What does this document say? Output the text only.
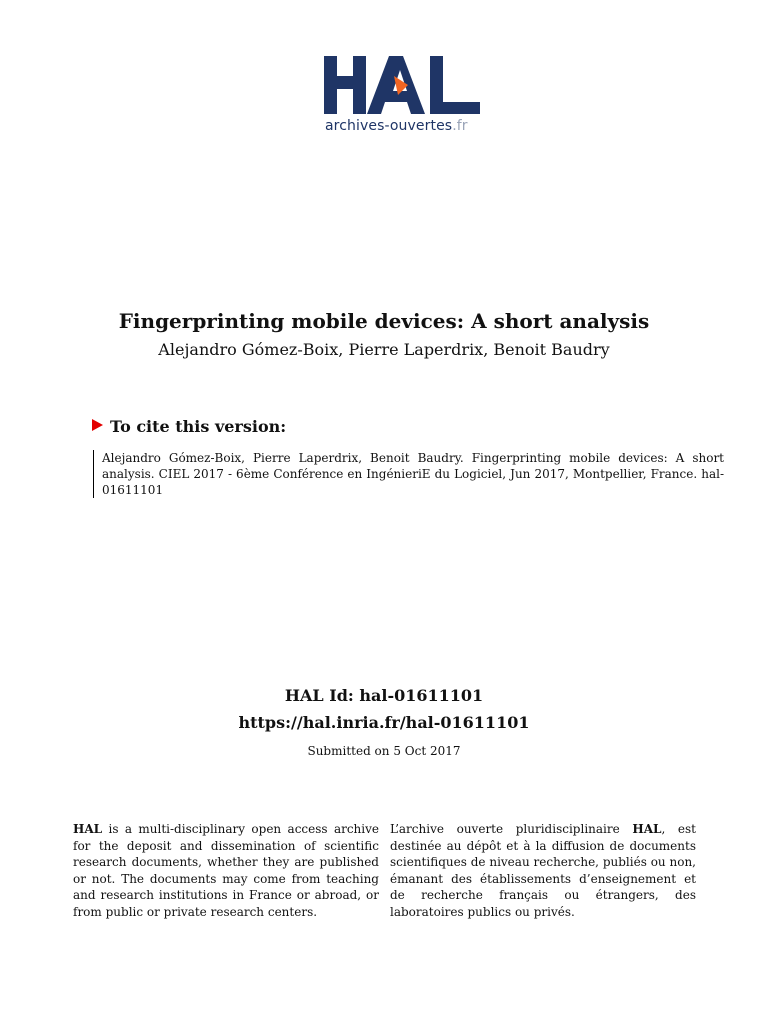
archives-ouvertes.fr
Fingerprinting mobile devices: A short analysis
Alejandro Gómez-Boix, Pierre Laperdrix, Benoit Baudry
To cite this version:
Alejandro Gómez-Boix, Pierre Laperdrix, Benoit Baudry. Fingerprinting mobile devices: A short analysis. CIEL 2017 - 6ème Conférence en IngénieriE du Logiciel, Jun 2017, Montpellier, France. hal-01611101
HAL Id: hal-01611101
https://hal.inria.fr/hal-01611101
Submitted on 5 Oct 2017
HAL is a multi-disciplinary open access archive for the deposit and dissemination of scientific research documents, whether they are published or not. The documents may come from teaching and research institutions in France or abroad, or from public or private research centers.
L’archive ouverte pluridisciplinaire HAL, est destinée au dépôt et à la diffusion de documents scientifiques de niveau recherche, publiés ou non, émanant des établissements d’enseignement et de recherche français ou étrangers, des laboratoires publics ou privés.
